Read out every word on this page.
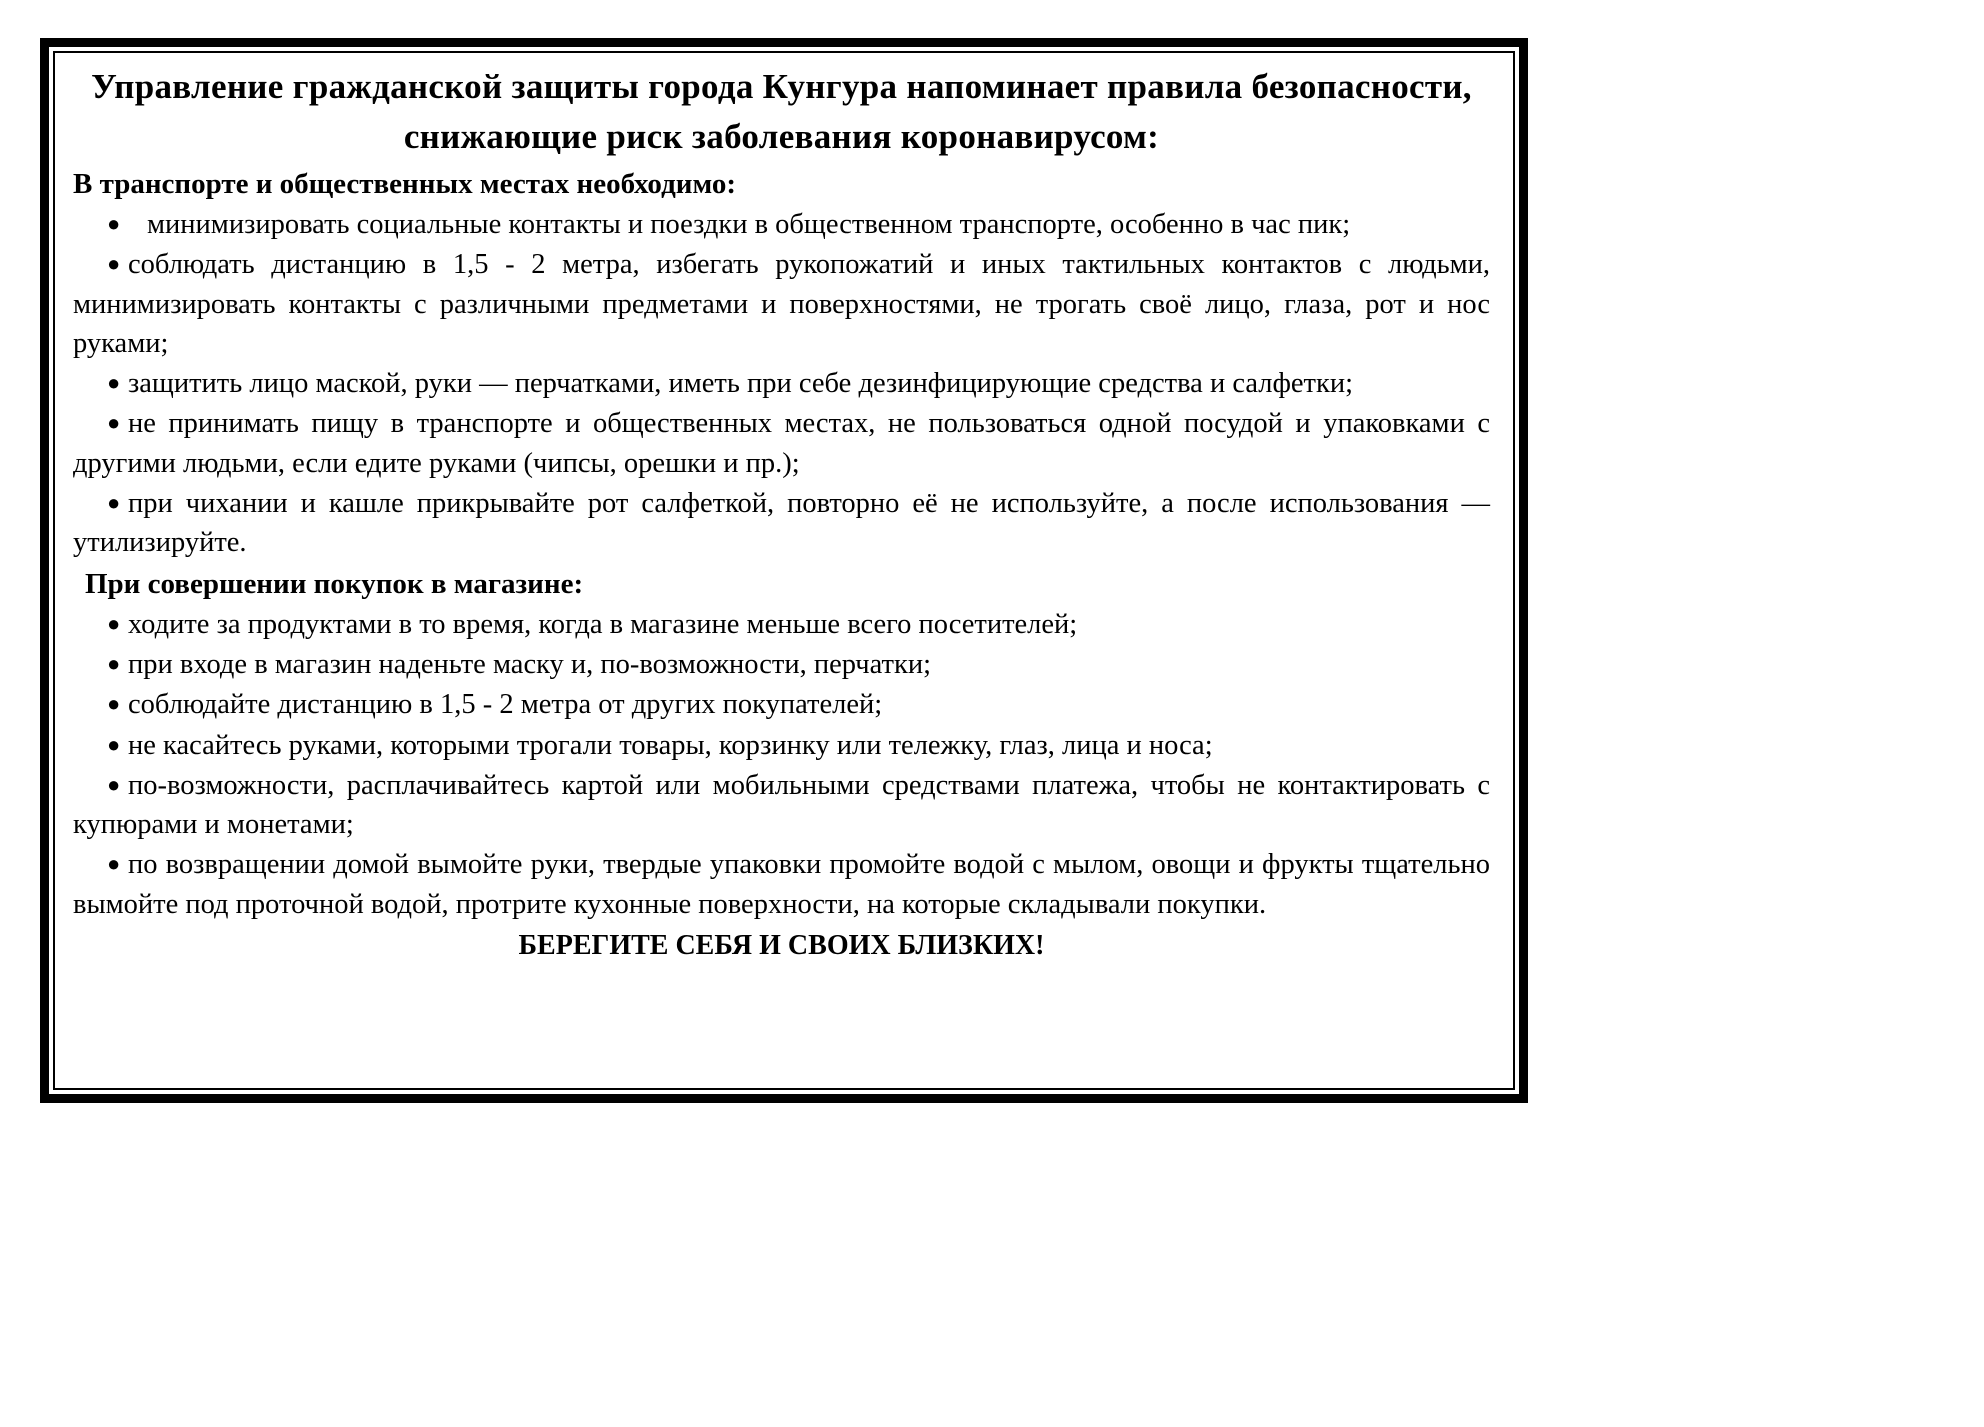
Управление гражданской защиты города Кунгура напоминает правила безопасности, снижающие риск заболевания коронавирусом:
В транспорте и общественных местах необходимо:
● минимизировать социальные контакты и поездки в общественном транспорте, особенно в час пик;
● соблюдать дистанцию в 1,5 - 2 метра, избегать рукопожатий и иных тактильных контактов с людьми, минимизировать контакты с различными предметами и поверхностями, не трогать своё лицо, глаза, рот и нос руками;
● защитить лицо маской, руки — перчатками, иметь при себе дезинфицирующие средства и салфетки;
● не принимать пищу в транспорте и общественных местах, не пользоваться одной посудой и упаковками с другими людьми, если едите руками (чипсы, орешки и пр.);
● при чихании и кашле прикрывайте рот салфеткой, повторно её не используйте, а после использования — утилизируйте.
При совершении покупок в магазине:
● ходите за продуктами в то время, когда в магазине меньше всего посетителей;
● при входе в магазин наденьте маску и, по-возможности, перчатки;
● соблюдайте дистанцию в 1,5 - 2 метра от других покупателей;
● не касайтесь руками, которыми трогали товары, корзинку или тележку, глаз, лица и носа;
● по-возможности, расплачивайтесь картой или мобильными средствами платежа, чтобы не контактировать с купюрами и монетами;
● по возвращении домой вымойте руки, твердые упаковки промойте водой с мылом, овощи и фрукты тщательно вымойте под проточной водой, протрите кухонные поверхности, на которые складывали покупки.

БЕРЕГИТЕ СЕБЯ И СВОИХ БЛИЗКИХ!
